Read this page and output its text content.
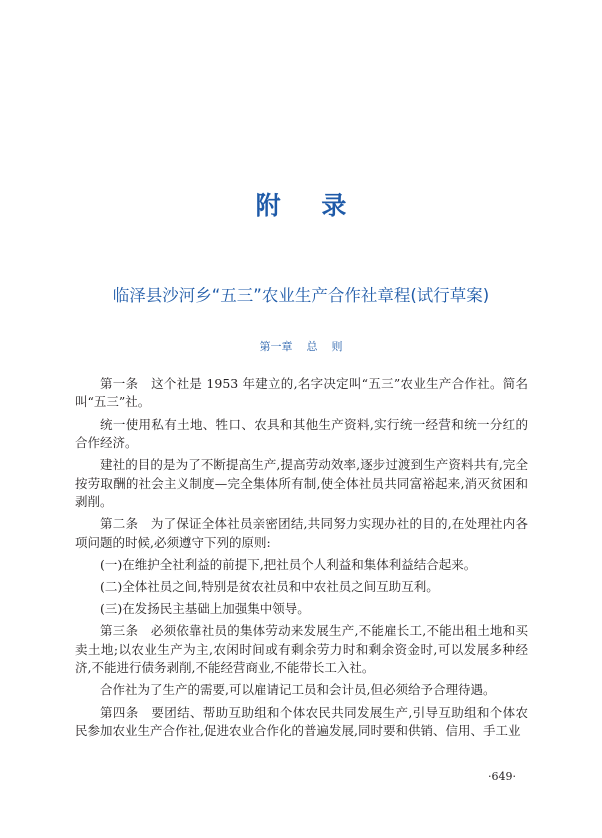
附 录
临泽县沙河乡“五三”农业生产合作社章程(试行草案)
第一章    总    则

第一条　这个社是 1953 年建立的,名字决定叫“五三”农业生产合作社。简名叫“五三”社。

统一使用私有土地、牲口、农具和其他生产资料,实行统一经营和统一分红的合作经济。

建社的目的是为了不断提高生产,提高劳动效率,逐步过渡到生产资料共有,完全按劳取酬的社会主义制度—完全集体所有制,使全体社员共同富裕起来,消灭贫困和剥削。

第二条　为了保证全体社员亲密团结,共同努力实现办社的目的,在处理社内各项问题的时候,必须遵守下列的原则:

(一)在维护全社利益的前提下,把社员个人利益和集体利益结合起来。

(二)全体社员之间,特别是贫农社员和中农社员之间互助互利。

(三)在发扬民主基础上加强集中领导。

第三条　必须依靠社员的集体劳动来发展生产,不能雇长工,不能出租土地和买卖土地;以农业生产为主,农闲时间或有剩余劳力时和剩余资金时,可以发展多种经济,不能进行债务剥削,不能经营商业,不能带长工入社。

合作社为了生产的需要,可以雇请记工员和会计员,但必须给予合理待遇。

第四条　要团结、帮助互助组和个体农民共同发展生产,引导互助组和个体农民参加农业生产合作社,促进农业合作化的普遍发展,同时要和供销、信用、手工业

·649·
